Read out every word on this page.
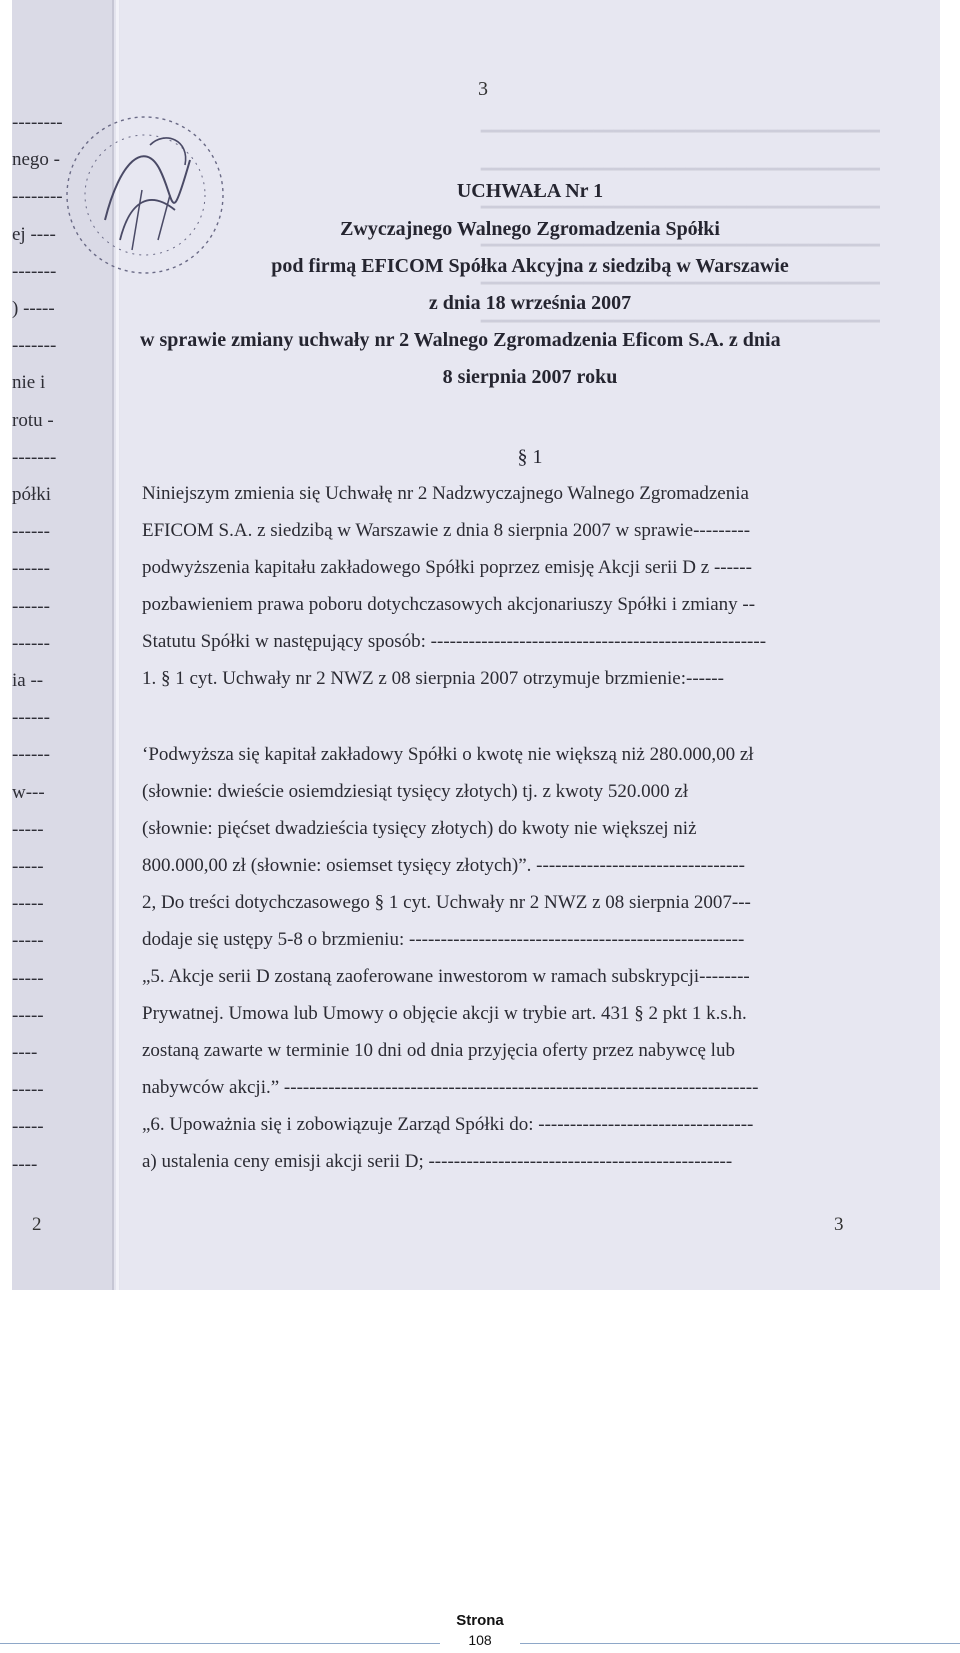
--------
nego -
--------
ej ----
-------
) -----
-------
nie i
rotu -
-------
półki
------
------
------
------
ia --
------
------
w---
-----
-----
-----
-----
-----
-----
----
-----
-----
----
2
━━━━━━━━━━━━━━━━━━━━━━━━━━━━━━━━━━━━━━━
━━━━━━━━━━━━━━━━━━━━━━━━━━━━━━━━━━━━━━━
━━━━━━━━━━━━━━━━━━━━━━━━━━━━━━━━━━━━━━━
━━━━━━━━━━━━━━━━━━━━━━━━━━━━━━━━━━━━━━━
━━━━━━━━━━━━━━━━━━━━━━━━━━━━━━━━━━━━━━━
━━━━━━━━━━━━━━━━━━━━━━━━━━━━━━━━━━━━━━━
3
UCHWAŁA Nr 1
Zwyczajnego Walnego Zgromadzenia Spółki
pod firmą EFICOM Spółka Akcyjna z siedzibą w Warszawie
z dnia 18 września 2007
w sprawie zmiany uchwały nr 2 Walnego Zgromadzenia Eficom S.A. z dnia
8 sierpnia 2007 roku
§ 1
Niniejszym zmienia się Uchwałę nr 2 Nadzwyczajnego Walnego Zgromadzenia
EFICOM S.A. z siedzibą w Warszawie z dnia 8 sierpnia 2007 w sprawie---------
podwyższenia kapitału zakładowego Spółki poprzez emisję Akcji serii D z ------
pozbawieniem prawa poboru dotychczasowych akcjonariuszy Spółki i zmiany --
Statutu Spółki w następujący sposób: -----------------------------------------------------
1. § 1 cyt. Uchwały nr 2 NWZ z 08 sierpnia 2007 otrzymuje brzmienie:------
‘Podwyższa się kapitał zakładowy Spółki o kwotę nie większą niż 280.000,00 zł
(słownie: dwieście osiemdziesiąt tysięcy złotych) tj. z kwoty 520.000 zł
(słownie: pięćset dwadzieścia tysięcy złotych) do kwoty nie większej niż
800.000,00 zł (słownie: osiemset tysięcy złotych)”. ---------------------------------
2, Do treści dotychczasowego § 1 cyt. Uchwały nr 2 NWZ z 08 sierpnia 2007---
dodaje się ustępy 5-8 o brzmieniu: -----------------------------------------------------
„5. Akcje serii D zostaną zaoferowane inwestorom w ramach subskrypcji--------
Prywatnej. Umowa lub Umowy o objęcie akcji w trybie art. 431 § 2 pkt 1 k.s.h.
zostaną zawarte w terminie 10 dni od dnia przyjęcia oferty przez nabywcę lub
nabywców akcji.” ---------------------------------------------------------------------------
„6. Upoważnia się i zobowiązuje Zarząd Spółki do: ----------------------------------
a) ustalenia ceny emisji akcji serii D; ------------------------------------------------
3
Strona
108
